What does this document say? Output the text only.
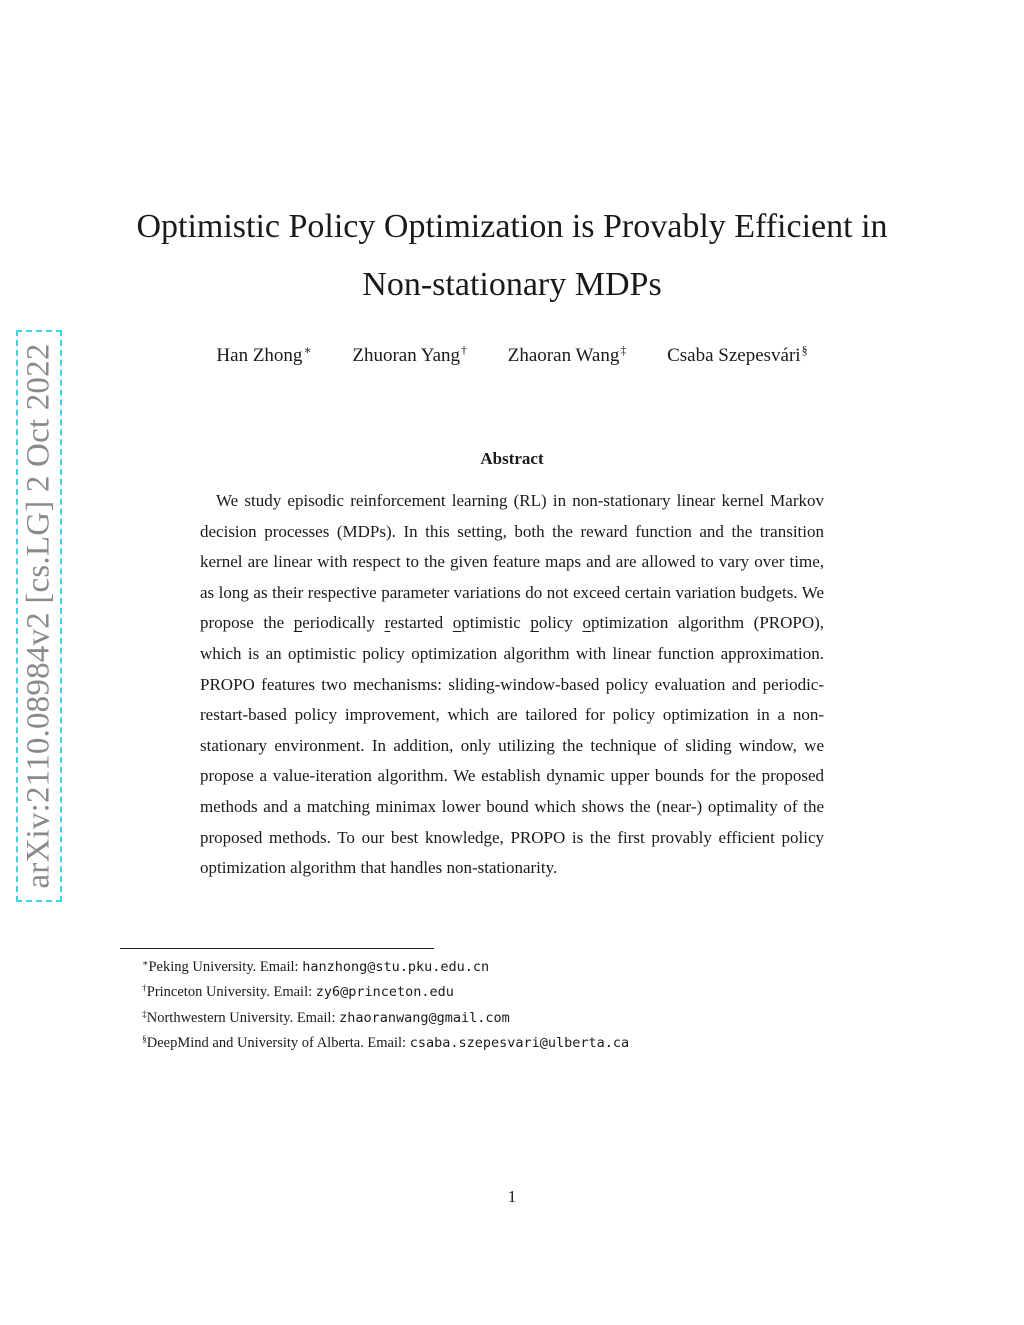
arXiv:2110.08984v2 [cs.LG] 2 Oct 2022
Optimistic Policy Optimization is Provably Efficient in
Non-stationary MDPs
Han Zhong∗ Zhuoran Yang† Zhaoran Wang‡ Csaba Szepesvári§
Abstract

We study episodic reinforcement learning (RL) in non-stationary linear kernel Markov decision processes (MDPs). In this setting, both the reward function and the transition kernel are linear with respect to the given feature maps and are allowed to vary over time, as long as their respective parameter variations do not exceed certain variation budgets. We propose the periodically restarted optimistic policy optimization algorithm (PROPO), which is an optimistic policy optimization algorithm with linear function approximation. PROPO features two mechanisms: sliding-window-based policy evaluation and periodic-restart-based policy improvement, which are tailored for policy optimization in a non-stationary environment. In addition, only utilizing the technique of sliding window, we propose a value-iteration algorithm. We establish dynamic upper bounds for the proposed methods and a matching minimax lower bound which shows the (near-) optimality of the proposed methods. To our best knowledge, PROPO is the first provably efficient policy optimization algorithm that handles non-stationarity.

∗Peking University. Email: hanzhong@stu.pku.edu.cn
†Princeton University. Email: zy6@princeton.edu
‡Northwestern University. Email: zhaoranwang@gmail.com
§DeepMind and University of Alberta. Email: csaba.szepesvari@ulberta.ca
1
